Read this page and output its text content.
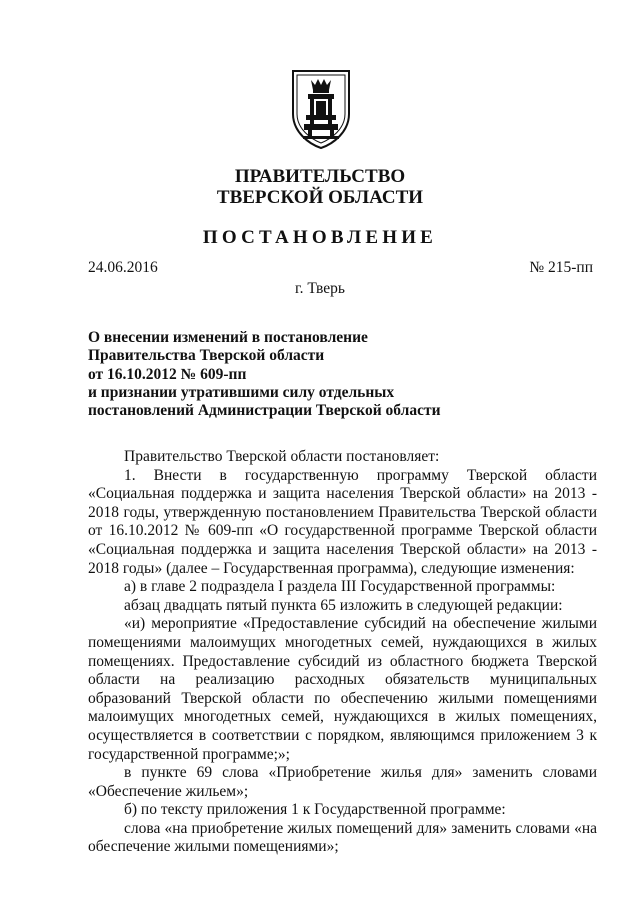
ПРАВИТЕЛЬСТВО
ТВЕРСКОЙ ОБЛАСТИ
ПОСТАНОВЛЕНИЕ
24.06.2016	№ 215-пп
г. Тверь
О внесении изменений в постановление
Правительства Тверской области
от 16.10.2012 № 609-пп
и признании утратившими силу отдельных
постановлений Администрации Тверской области

Правительство Тверской области постановляет:

1. Внести в государственную программу Тверской области «Социальная поддержка и защита населения Тверской области» на 2013 - 2018 годы, утвержденную постановлением Правительства Тверской области от 16.10.2012 № 609-пп «О государственной программе Тверской области «Социальная поддержка и защита населения Тверской области» на 2013 - 2018 годы» (далее – Государственная программа), следующие изменения:

а) в главе 2 подраздела I раздела III Государственной программы:

абзац двадцать пятый пункта 65 изложить в следующей редакции:

«и) мероприятие «Предоставление субсидий на обеспечение жилыми помещениями малоимущих многодетных семей, нуждающихся в жилых помещениях. Предоставление субсидий из областного бюджета Тверской области на реализацию расходных обязательств муниципальных образований Тверской области по обеспечению жилыми помещениями малоимущих многодетных семей, нуждающихся в жилых помещениях, осуществляется в соответствии с порядком, являющимся приложением 3 к государственной программе;»;

в пункте 69 слова «Приобретение жилья для» заменить словами «Обеспечение жильем»;

б) по тексту приложения 1 к Государственной программе:

слова «на приобретение жилых помещений для» заменить словами «на обеспечение жилыми помещениями»;
